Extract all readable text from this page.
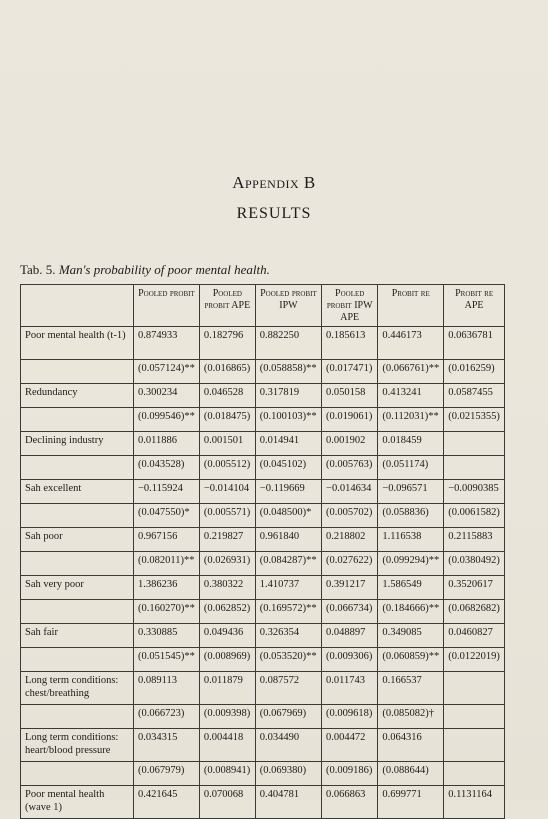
Appendix B
RESULTS
Tab. 5. Man's probability of poor mental health.
	Pooled probit	Pooled probit APE	Pooled probit IPW	Pooled probit IPW APE	Probit re	Probit re APE
Poor mental health (t-1)	0.874933	0.182796	0.882250	0.185613	0.446173	0.0636781
	(0.057124)**	(0.016865)	(0.058858)**	(0.017471)	(0.066761)**	(0.016259)
Redundancy	0.300234	0.046528	0.317819	0.050158	0.413241	0.0587455
	(0.099546)**	(0.018475)	(0.100103)**	(0.019061)	(0.112031)**	(0.0215355)
Declining industry	0.011886	0.001501	0.014941	0.001902	0.018459	
	(0.043528)	(0.005512)	(0.045102)	(0.005763)	(0.051174)	
Sah excellent	−0.115924	−0.014104	−0.119669	−0.014634	−0.096571	−0.0090385
	(0.047550)*	(0.005571)	(0.048500)*	(0.005702)	(0.058836)	(0.0061582)
Sah poor	0.967156	0.219827	0.961840	0.218802	1.116538	0.2115883
	(0.082011)**	(0.026931)	(0.084287)**	(0.027622)	(0.099294)**	(0.0380492)
Sah very poor	1.386236	0.380322	1.410737	0.391217	1.586549	0.3520617
	(0.160270)**	(0.062852)	(0.169572)**	(0.066734)	(0.184666)**	(0.0682682)
Sah fair	0.330885	0.049436	0.326354	0.048897	0.349085	0.0460827
	(0.051545)**	(0.008969)	(0.053520)**	(0.009306)	(0.060859)**	(0.0122019)
Long term conditions: chest/breathing	0.089113	0.011879	0.087572	0.011743	0.166537	
	(0.066723)	(0.009398)	(0.067969)	(0.009618)	(0.085082)†	
Long term conditions: heart/blood pressure	0.034315	0.004418	0.034490	0.004472	0.064316	
	(0.067979)	(0.008941)	(0.069380)	(0.009186)	(0.088644)	
Poor mental health (wave 1)	0.421645	0.070068	0.404781	0.066863	0.699771	0.1131164
